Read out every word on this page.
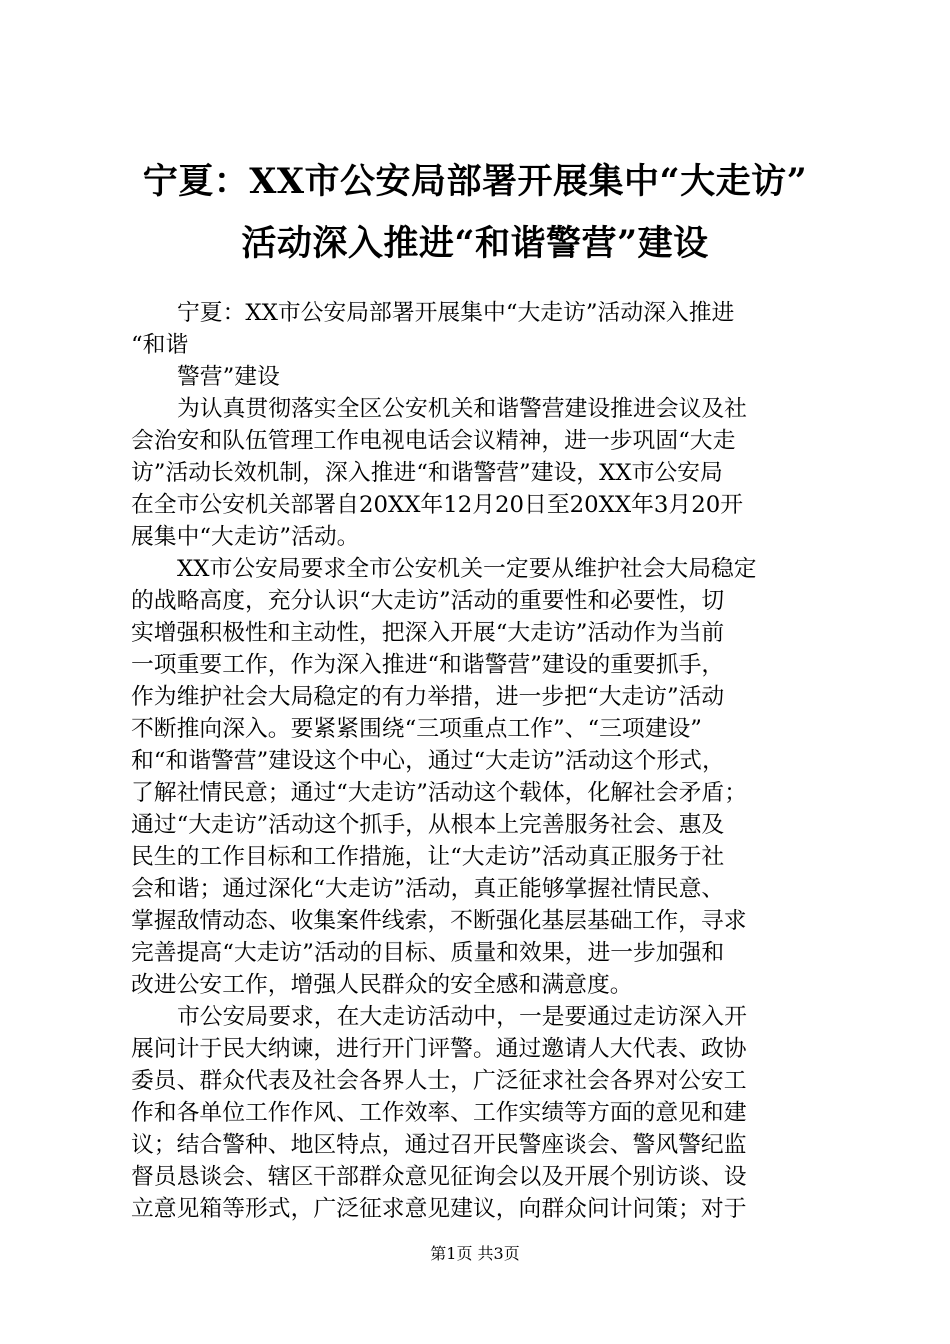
宁夏：XX市公安局部署开展集中“大走访”
活动深入推进“和谐警营”建设
宁夏：XX市公安局部署开展集中“大走访”活动深入推进
“和谐
警营”建设
为认真贯彻落实全区公安机关和谐警营建设推进会议及社
会治安和队伍管理工作电视电话会议精神，进一步巩固“大走
访”活动长效机制，深入推进“和谐警营”建设，XX市公安局
在全市公安机关部署自20XX年12月20日至20XX年3月20开
展集中“大走访”活动。
XX市公安局要求全市公安机关一定要从维护社会大局稳定
的战略高度，充分认识“大走访”活动的重要性和必要性，切
实增强积极性和主动性，把深入开展“大走访”活动作为当前
一项重要工作，作为深入推进“和谐警营”建设的重要抓手，
作为维护社会大局稳定的有力举措，进一步把“大走访”活动
不断推向深入。要紧紧围绕“三项重点工作”、“三项建设”
和“和谐警营”建设这个中心，通过“大走访”活动这个形式，
了解社情民意；通过“大走访”活动这个载体，化解社会矛盾；
通过“大走访”活动这个抓手，从根本上完善服务社会、惠及
民生的工作目标和工作措施，让“大走访”活动真正服务于社
会和谐；通过深化“大走访”活动，真正能够掌握社情民意、
掌握敌情动态、收集案件线索，不断强化基层基础工作，寻求
完善提高“大走访”活动的目标、质量和效果，进一步加强和
改进公安工作，增强人民群众的安全感和满意度。
市公安局要求，在大走访活动中，一是要通过走访深入开
展问计于民大纳谏，进行开门评警。通过邀请人大代表、政协
委员、群众代表及社会各界人士，广泛征求社会各界对公安工
作和各单位工作作风、工作效率、工作实绩等方面的意见和建
议；结合警种、地区特点，通过召开民警座谈会、警风警纪监
督员恳谈会、辖区干部群众意见征询会以及开展个别访谈、设
立意见箱等形式，广泛征求意见建议，向群众问计问策；对于
第1页 共3页
